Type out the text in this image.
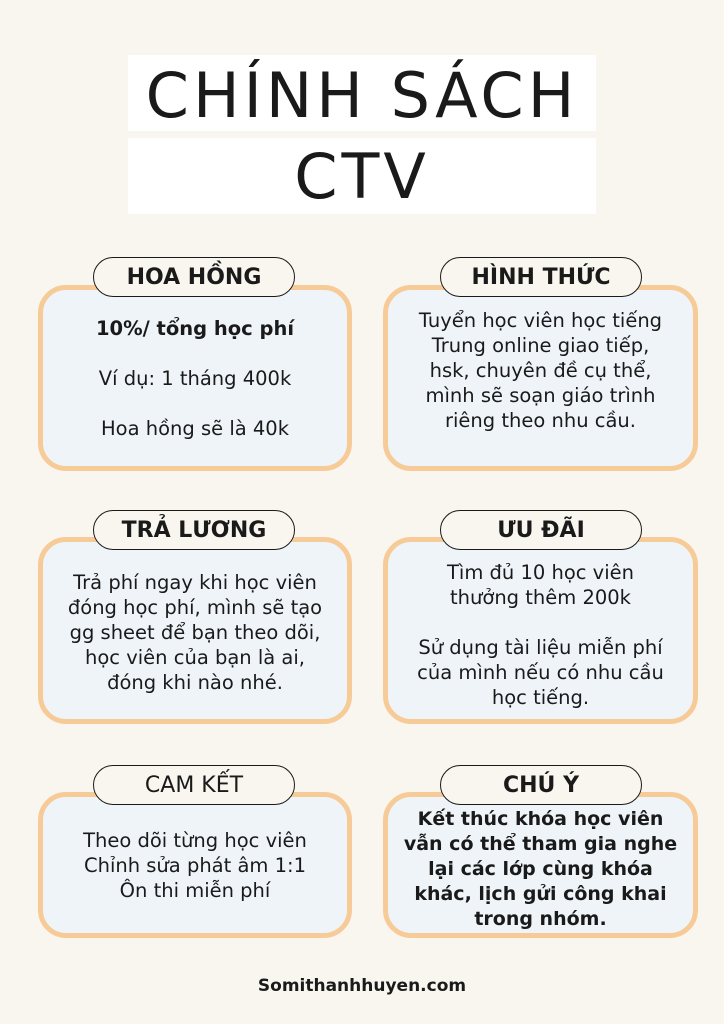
CHÍNH SÁCH
CTV
HOA HỒNG

10%/ tổng học phí

Ví dụ: 1 tháng 400k

Hoa hồng sẽ là 40k

HÌNH THỨC

Tuyển học viên học tiếng

Trung online giao tiếp,

hsk, chuyên đề cụ thể,

mình sẽ soạn giáo trình

riêng theo nhu cầu.

TRẢ LƯƠNG

Trả phí ngay khi học viên

đóng học phí, mình sẽ tạo

gg sheet để bạn theo dõi,

học viên của bạn là ai,

đóng khi nào nhé.

ƯU ĐÃI

Tìm đủ 10 học viên

thưởng thêm 200k

Sử dụng tài liệu miễn phí

của mình nếu có nhu cầu

học tiếng.

CAM KẾT

Theo dõi từng học viên

Chỉnh sửa phát âm 1:1

Ôn thi miễn phí

CHÚ Ý

Kết thúc khóa học viên

vẫn có thể tham gia nghe

lại các lớp cùng khóa

khác, lịch gửi công khai

trong nhóm.

Somithanhhuyen.com
